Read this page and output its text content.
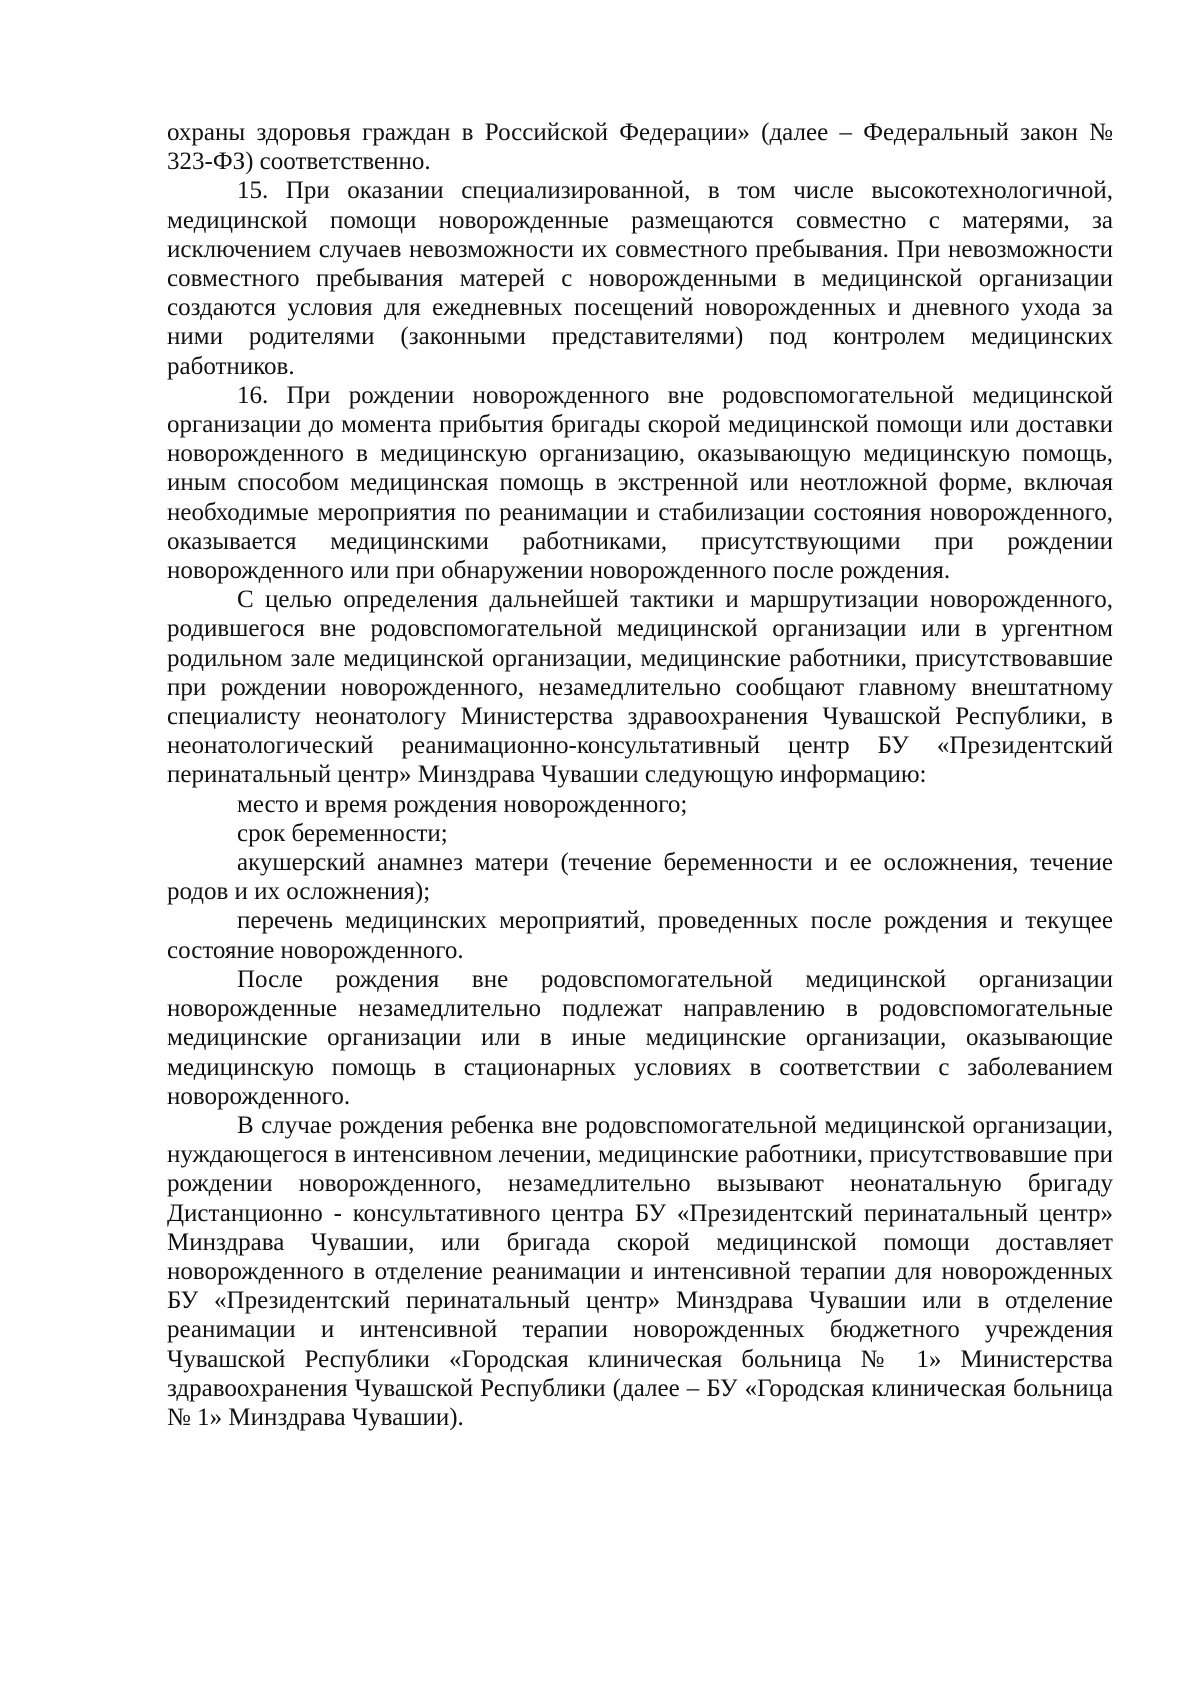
охраны здоровья граждан в Российской Федерации» (далее – Федеральный закон № 323-ФЗ) соответственно.

15. При оказании специализированной, в том числе высокотехнологичной, медицинской помощи новорожденные размещаются совместно с матерями, за исключением случаев невозможности их совместного пребывания. При невозможности совместного пребывания матерей с новорожденными в медицинской организации создаются условия для ежедневных посещений новорожденных и дневного ухода за ними родителями (законными представителями) под контролем медицинских работников.

16. При рождении новорожденного вне родовспомогательной медицинской организации до момента прибытия бригады скорой медицинской помощи или доставки новорожденного в медицинскую организацию, оказывающую медицинскую помощь, иным способом медицинская помощь в экстренной или неотложной форме, включая необходимые мероприятия по реанимации и стабилизации состояния новорожденного, оказывается медицинскими работниками, присутствующими при рождении новорожденного или при обнаружении новорожденного после рождения.

С целью определения дальнейшей тактики и маршрутизации новорожденного, родившегося вне родовспомогательной медицинской организации или в ургентном родильном зале медицинской организации, медицинские работники, присутствовавшие при рождении новорожденного, незамедлительно сообщают главному внештатному специалисту неонатологу Министерства здравоохранения Чувашской Республики, в неонатологический реанимационно-консультативный центр БУ «Президентский перинатальный центр» Минздрава Чувашии следующую информацию:

место и время рождения новорожденного;

срок беременности;

акушерский анамнез матери (течение беременности и ее осложнения, течение родов и их осложнения);

перечень медицинских мероприятий, проведенных после рождения и текущее состояние новорожденного.

После рождения вне родовспомогательной медицинской организации новорожденные незамедлительно подлежат направлению в родовспомогательные медицинские организации или в иные медицинские организации, оказывающие медицинскую помощь в стационарных условиях в соответствии с заболеванием новорожденного.

В случае рождения ребенка вне родовспомогательной медицинской организации, нуждающегося в интенсивном лечении, медицинские работники, присутствовавшие при рождении новорожденного, незамедлительно вызывают неонатальную бригаду Дистанционно - консультативного центра БУ «Президентский перинатальный центр» Минздрава Чувашии, или бригада скорой медицинской помощи доставляет новорожденного в отделение реанимации и интенсивной терапии для новорожденных БУ «Президентский перинатальный центр» Минздрава Чувашии или в отделение реанимации и интенсивной терапии новорожденных бюджетного учреждения Чувашской Республики «Городская клиническая больница № 1» Министерства здравоохранения Чувашской Республики (далее – БУ «Городская клиническая больница № 1» Минздрава Чувашии).
